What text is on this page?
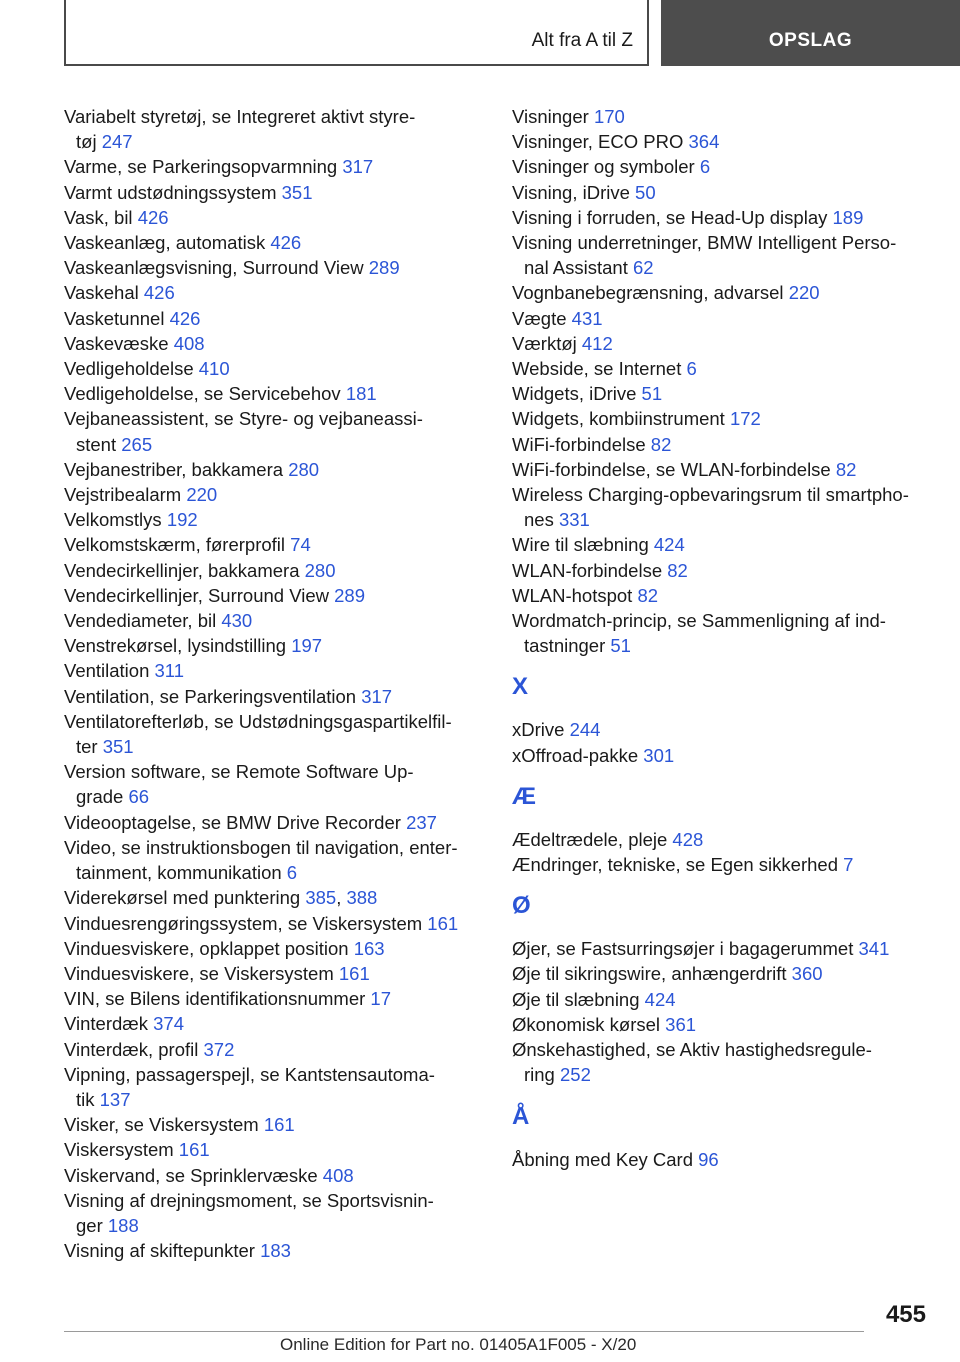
Alt fra A til Z	OPSLAG
Variabelt styretøj, se Integreret aktivt styre-
tøj 247
Varme, se Parkeringsopvarmning 317
Varmt udstødningssystem 351
Vask, bil 426
Vaskeanlæg, automatisk 426
Vaskeanlægsvisning, Surround View 289
Vaskehal 426
Vasketunnel 426
Vaskevæske 408
Vedligeholdelse 410
Vedligeholdelse, se Servicebehov 181
Vejbaneassistent, se Styre- og vejbaneassi-
stent 265
Vejbanestriber, bakkamera 280
Vejstribealarm 220
Velkomstlys 192
Velkomstskærm, førerprofil 74
Vendecirkellinjer, bakkamera 280
Vendecirkellinjer, Surround View 289
Vendediameter, bil 430
Venstrekørsel, lysindstilling 197
Ventilation 311
Ventilation, se Parkeringsventilation 317
Ventilatorefterløb, se Udstødningsgaspartikelfil-
ter 351
Version software, se Remote Software Up-
grade 66
Videooptagelse, se BMW Drive Recorder 237
Video, se instruktionsbogen til navigation, enter-
tainment, kommunikation 6
Viderekørsel med punktering 385, 388
Vinduesrengøringssystem, se Viskersystem 161
Vinduesviskere, opklappet position 163
Vinduesviskere, se Viskersystem 161
VIN, se Bilens identifikationsnummer 17
Vinterdæk 374
Vinterdæk, profil 372
Vipning, passagerspejl, se Kantstensautoma-
tik 137
Visker, se Viskersystem 161
Viskersystem 161
Viskervand, se Sprinklervæske 408
Visning af drejningsmoment, se Sportsvisnin-
ger 188
Visning af skiftepunkter 183
Visninger 170
Visninger, ECO PRO 364
Visninger og symboler 6
Visning, iDrive 50
Visning i forruden, se Head-Up display 189
Visning underretninger, BMW Intelligent Perso-
nal Assistant 62
Vognbanebegrænsning, advarsel 220
Vægte 431
Værktøj 412
Webside, se Internet 6
Widgets, iDrive 51
Widgets, kombiinstrument 172
WiFi-forbindelse 82
WiFi-forbindelse, se WLAN-forbindelse 82
Wireless Charging-opbevaringsrum til smartpho-
nes 331
Wire til slæbning 424
WLAN-forbindelse 82
WLAN-hotspot 82
Wordmatch-princip, se Sammenligning af ind-
tastninger 51
X
xDrive 244
xOffroad-pakke 301
Æ
Ædeltrædele, pleje 428
Ændringer, tekniske, se Egen sikkerhed 7
Ø
Øjer, se Fastsurringsøjer i bagagerummet 341
Øje til sikringswire, anhængerdrift 360
Øje til slæbning 424
Økonomisk kørsel 361
Ønskehastighed, se Aktiv hastighedsregule-
ring 252
Å
Åbning med Key Card 96
455
Online Edition for Part no. 01405A1F005 - X/20
